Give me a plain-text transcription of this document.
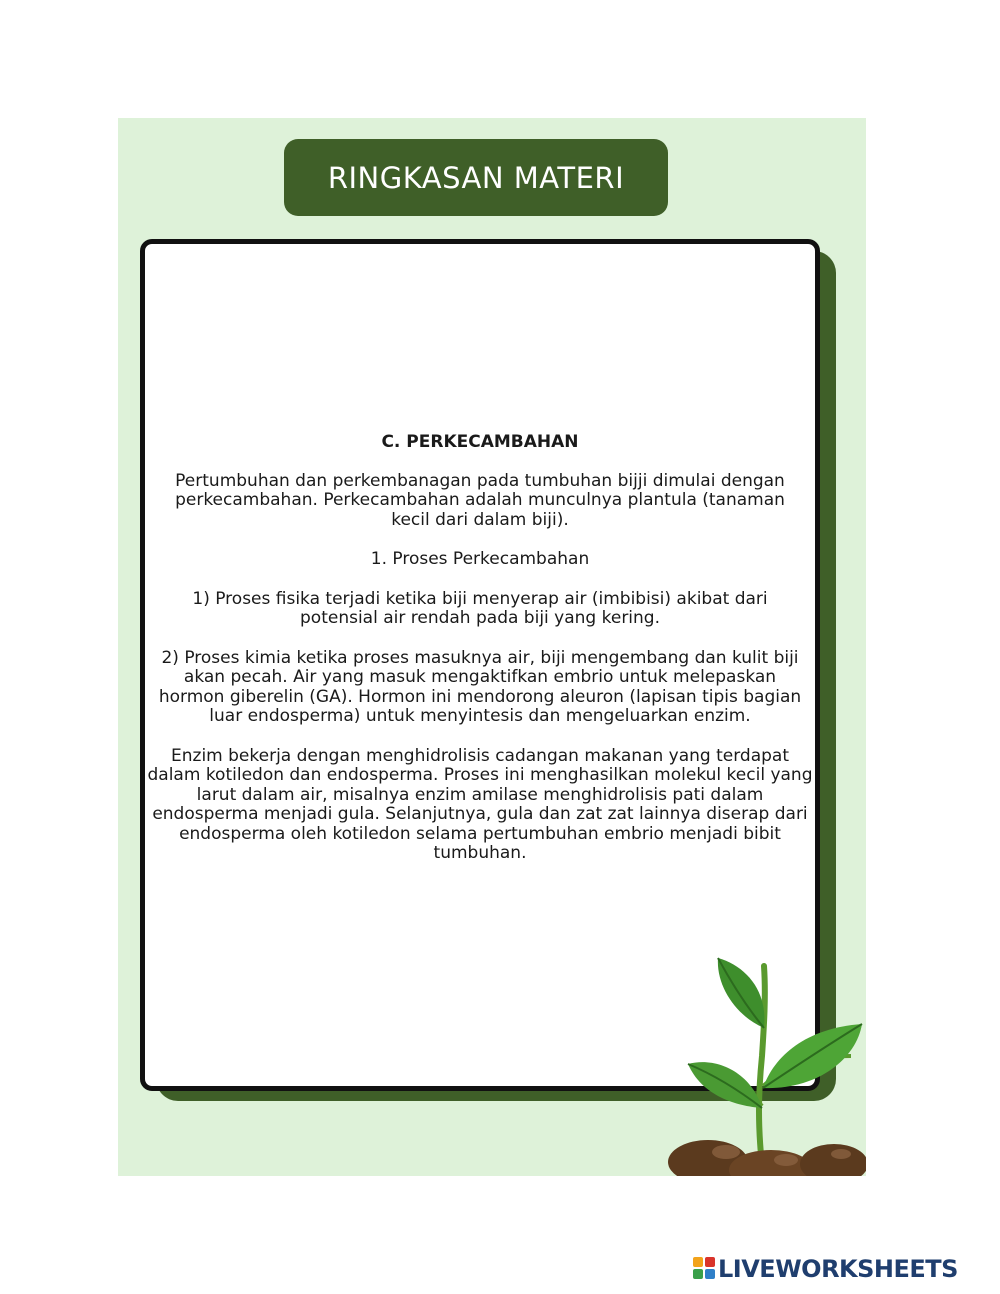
RINGKASAN MATERI

C. PERKECAMBAHAN

Pertumbuhan dan perkembanagan pada tumbuhan bijji dimulai dengan perkecambahan. Perkecambahan adalah munculnya plantula (tanaman kecil dari dalam biji).

1. Proses Perkecambahan

1) Proses fisika terjadi ketika biji menyerap air (imbibisi) akibat dari potensial air rendah pada biji yang kering.

2) Proses kimia ketika proses masuknya air, biji mengembang dan kulit biji akan pecah. Air yang masuk mengaktifkan embrio untuk melepaskan hormon giberelin (GA). Hormon ini mendorong aleuron (lapisan tipis bagian luar endosperma) untuk menyintesis dan mengeluarkan enzim.

Enzim bekerja dengan menghidrolisis cadangan makanan yang terdapat dalam kotiledon dan endosperma. Proses ini menghasilkan molekul kecil yang larut dalam air, misalnya enzim amilase menghidrolisis pati dalam endosperma menjadi gula. Selanjutnya, gula dan zat zat lainnya diserap dari endosperma oleh kotiledon selama pertumbuhan embrio menjadi bibit tumbuhan.

LIVEWORKSHEETS
